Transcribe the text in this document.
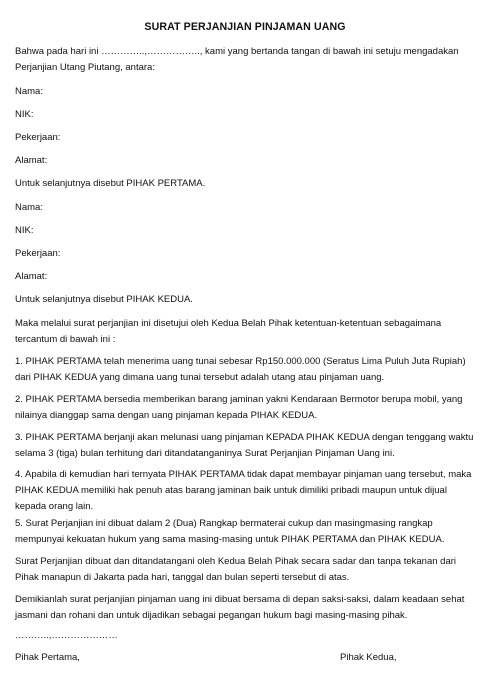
SURAT PERJANJIAN PINJAMAN UANG

Bahwa pada hari ini …………..,…………….., kami yang bertanda tangan di bawah ini setuju mengadakan Perjanjian Utang Piutang, antara:

Nama:

NIK:

Pekerjaan:

Alamat:

Untuk selanjutnya disebut PIHAK PERTAMA.

Nama:

NIK:

Pekerjaan:

Alamat:

Untuk selanjutnya disebut PIHAK KEDUA.

Maka melalui surat perjanjian ini disetujui oleh Kedua Belah Pihak ketentuan-ketentuan sebagaimana tercantum di bawah ini :

1. PIHAK PERTAMA telah menerima uang tunai sebesar Rp150.000.000 (Seratus Lima Puluh Juta Rupiah) dari PIHAK KEDUA yang dimana uang tunai tersebut adalah utang atau pinjaman uang.

2. PIHAK PERTAMA bersedia memberikan barang jaminan yakni Kendaraan Bermotor berupa mobil, yang nilainya dianggap sama dengan uang pinjaman kepada PIHAK KEDUA.

3. PIHAK PERTAMA berjanji akan melunasi uang pinjaman KEPADA PIHAK KEDUA dengan tenggang waktu selama 3 (tiga) bulan terhitung dari ditandatanganinya Surat Perjanjian Pinjaman Uang ini.

4. Apabila di kemudian hari ternyata PIHAK PERTAMA tidak dapat membayar pinjaman uang tersebut, maka PIHAK KEDUA memiliki hak penuh atas barang jaminan baik untuk dimiliki pribadi maupun untuk dijual kepada orang lain.

5. Surat Perjanjian ini dibuat dalam 2 (Dua) Rangkap bermaterai cukup dan masingmasing rangkap mempunyai kekuatan hukum yang sama masing-masing untuk PIHAK PERTAMA dan PIHAK KEDUA.

Surat Perjanjian dibuat dan ditandatangani oleh Kedua Belah Pihak secara sadar dan tanpa tekanan dari Pihak manapun di Jakarta pada hari, tanggal dan bulan seperti tersebut di atas.

Demikianlah surat perjanjian pinjaman uang ini dibuat bersama di depan saksi-saksi, dalam keadaan sehat jasmani dan rohani dan untuk dijadikan sebagai pegangan hukum bagi masing-masing pihak.

………..,…………………
Pihak Pertama,	Pihak Kedua,
